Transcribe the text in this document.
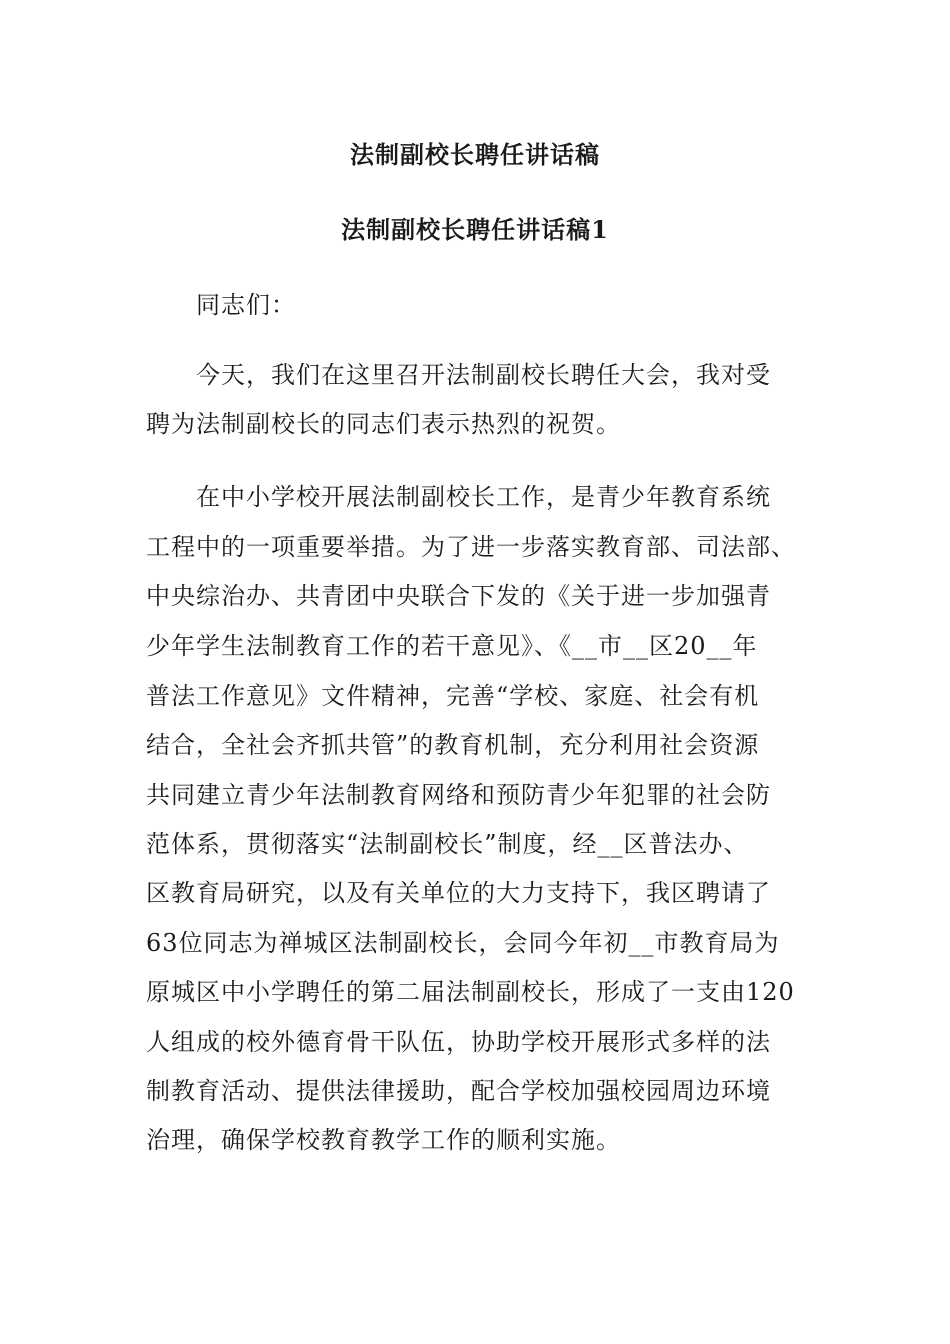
法制副校长聘任讲话稿
法制副校长聘任讲话稿1

同志们：

今天，我们在这里召开法制副校长聘任大会，我对受

聘为法制副校长的同志们表示热烈的祝贺。

在中小学校开展法制副校长工作，是青少年教育系统

工程中的一项重要举措。为了进一步落实教育部、司法部、

中央综治办、共青团中央联合下发的《关于进一步加强青

少年学生法制教育工作的若干意见》、《__市__区20__年

普法工作意见》文件精神，完善“学校、家庭、社会有机

结合，全社会齐抓共管”的教育机制，充分利用社会资源

共同建立青少年法制教育网络和预防青少年犯罪的社会防

范体系，贯彻落实“法制副校长”制度，经__区普法办、

区教育局研究，以及有关单位的大力支持下，我区聘请了

63位同志为禅城区法制副校长，会同今年初__市教育局为

原城区中小学聘任的第二届法制副校长，形成了一支由120

人组成的校外德育骨干队伍，协助学校开展形式多样的法

制教育活动、提供法律援助，配合学校加强校园周边环境

治理，确保学校教育教学工作的顺利实施。
